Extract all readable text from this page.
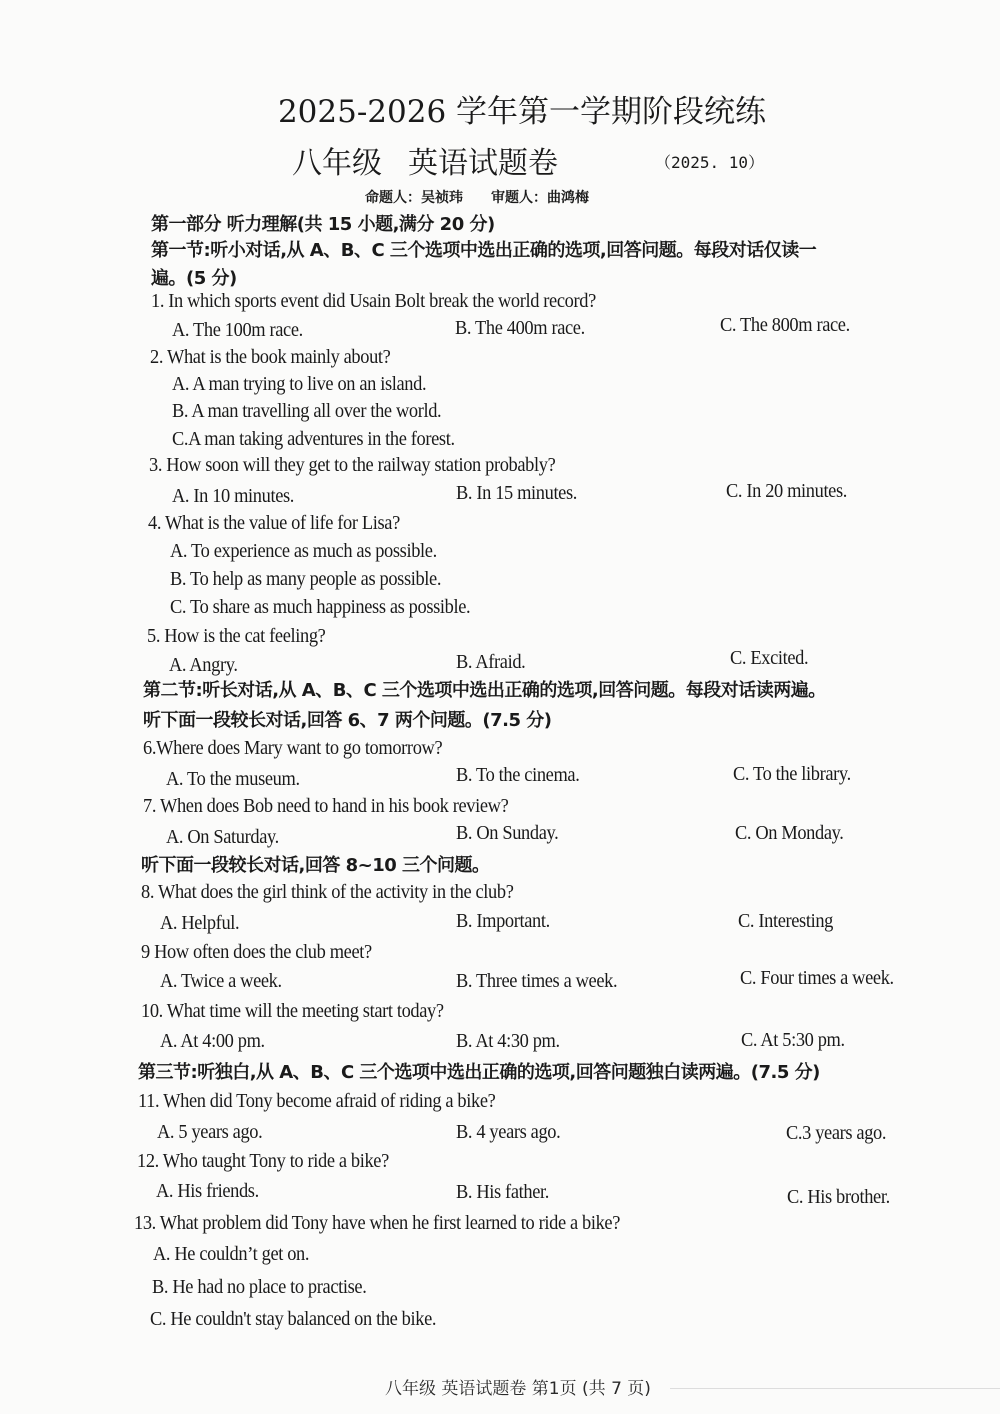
2025-2026 学年第一学期阶段统练
八年级 英语试题卷	（2025. 10）
命题人：吴祯玮 审题人：曲鸿梅
第一部分 听力理解(共 15 小题,满分 20 分)
第一节:听小对话,从 A、B、C 三个选项中选出正确的选项,回答问题。每段对话仅读一
遍。(5 分)
1. In which sports event did Usain Bolt break the world record?
A. The 100m race.	B. The 400m race.	C. The 800m race.
2. What is the book mainly about?
A. A man trying to live on an island.
B. A man travelling all over the world.
C.A man taking adventures in the forest.
3. How soon will they get to the railway station probably?
A. In 10 minutes.	B. In 15 minutes.	C. In 20 minutes.
4. What is the value of life for Lisa?
A. To experience as much as possible.
B. To help as many people as possible.
C. To share as much happiness as possible.
5. How is the cat feeling?
A. Angry.	B. Afraid.	C. Excited.
第二节:听长对话,从 A、B、C 三个选项中选出正确的选项,回答问题。每段对话读两遍。
听下面一段较长对话,回答 6、7 两个问题。(7.5 分)
6.Where does Mary want to go tomorrow?
A. To the museum.	B. To the cinema.	C. To the library.
7. When does Bob need to hand in his book review?
A. On Saturday.	B. On Sunday.	C. On Monday.
听下面一段较长对话,回答 8~10 三个问题。
8. What does the girl think of the activity in the club?
A. Helpful.	B. Important.	C. Interesting
9 How often does the club meet?
A. Twice a week.	B. Three times a week.	C. Four times a week.
10. What time will the meeting start today?
A. At 4:00 pm.	B. At 4:30 pm.	C. At 5:30 pm.
第三节:听独白,从 A、B、C 三个选项中选出正确的选项,回答问题独白读两遍。(7.5 分)
11. When did Tony become afraid of riding a bike?
A. 5 years ago.	B. 4 years ago.	C.3 years ago.
12. Who taught Tony to ride a bike?
A. His friends.	B. His father.	C. His brother.
13. What problem did Tony have when he first learned to ride a bike?
A. He couldn’t get on.
B. He had no place to practise.
C. He couldn't stay balanced on the bike.
八年级 英语试题卷 第1页 (共 7 页)
